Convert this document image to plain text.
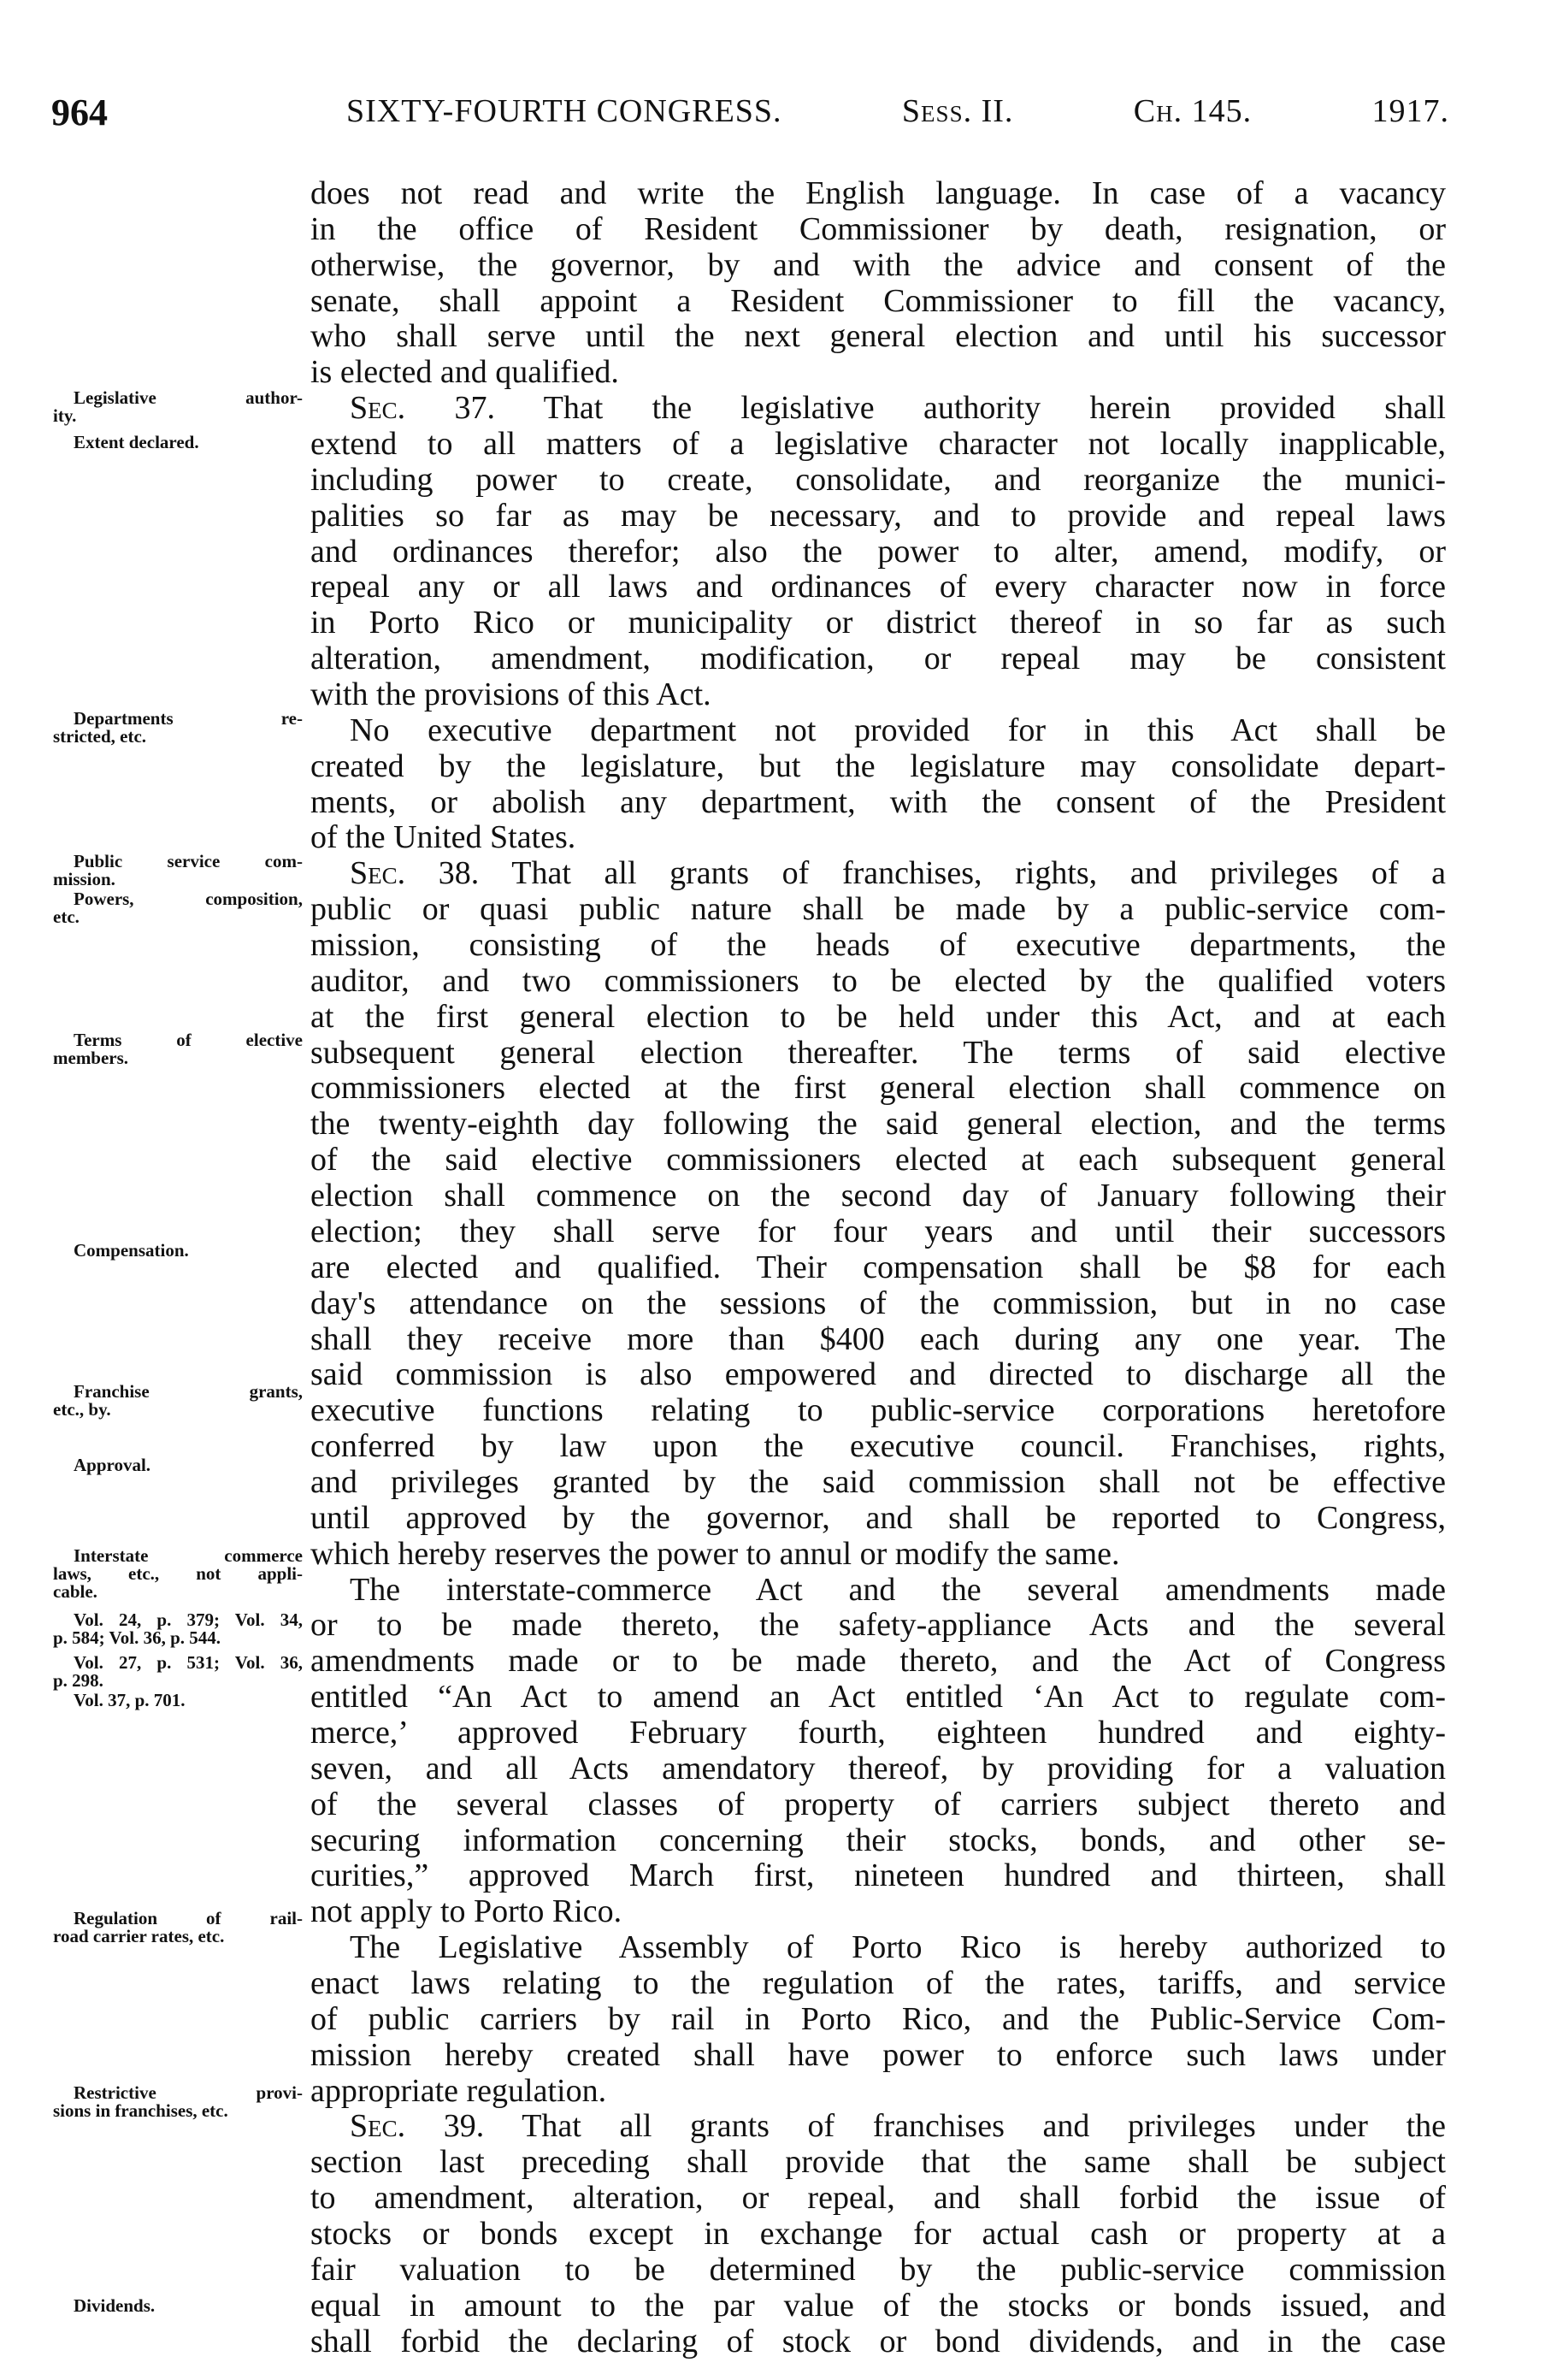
964	SIXTY-FOURTH CONGRESS.	Sess. II.	Ch. 145.	1917.
does not read and write the English language. In case of a vacancy
in the office of Resident Commissioner by death, resignation, or
otherwise, the governor, by and with the advice and consent of the
senate, shall appoint a Resident Commissioner to fill the vacancy,
who shall serve until the next general election and until his successor
is elected and qualified.
Sec. 37. That the legislative authority herein provided shall
extend to all matters of a legislative character not locally inapplicable,
including power to create, consolidate, and reorganize the munici-
palities so far as may be necessary, and to provide and repeal laws
and ordinances therefor; also the power to alter, amend, modify, or
repeal any or all laws and ordinances of every character now in force
in Porto Rico or municipality or district thereof in so far as such
alteration, amendment, modification, or repeal may be consistent
with the provisions of this Act.
No executive department not provided for in this Act shall be
created by the legislature, but the legislature may consolidate depart-
ments, or abolish any department, with the consent of the President
of the United States.
Sec. 38. That all grants of franchises, rights, and privileges of a
public or quasi public nature shall be made by a public-service com-
mission, consisting of the heads of executive departments, the
auditor, and two commissioners to be elected by the qualified voters
at the first general election to be held under this Act, and at each
subsequent general election thereafter. The terms of said elective
commissioners elected at the first general election shall commence on
the twenty-eighth day following the said general election, and the terms
of the said elective commissioners elected at each subsequent general
election shall commence on the second day of January following their
election; they shall serve for four years and until their successors
are elected and qualified. Their compensation shall be $8 for each
day's attendance on the sessions of the commission, but in no case
shall they receive more than $400 each during any one year. The
said commission is also empowered and directed to discharge all the
executive functions relating to public-service corporations heretofore
conferred by law upon the executive council. Franchises, rights,
and privileges granted by the said commission shall not be effective
until approved by the governor, and shall be reported to Congress,
which hereby reserves the power to annul or modify the same.
The interstate-commerce Act and the several amendments made
or to be made thereto, the safety-appliance Acts and the several
amendments made or to be made thereto, and the Act of Congress
entitled “An Act to amend an Act entitled ‘An Act to regulate com-
merce,’ approved February fourth, eighteen hundred and eighty-
seven, and all Acts amendatory thereof, by providing for a valuation
of the several classes of property of carriers subject thereto and
securing information concerning their stocks, bonds, and other se-
curities,” approved March first, nineteen hundred and thirteen, shall
not apply to Porto Rico.
The Legislative Assembly of Porto Rico is hereby authorized to
enact laws relating to the regulation of the rates, tariffs, and service
of public carriers by rail in Porto Rico, and the Public-Service Com-
mission hereby created shall have power to enforce such laws under
appropriate regulation.
Sec. 39. That all grants of franchises and privileges under the
section last preceding shall provide that the same shall be subject
to amendment, alteration, or repeal, and shall forbid the issue of
stocks or bonds except in exchange for actual cash or property at a
fair valuation to be determined by the public-service commission
equal in amount to the par value of the stocks or bonds issued, and
shall forbid the declaring of stock or bond dividends, and in the case
Legislative author-
ity.
Extent declared.
Departments re-
stricted, etc.
Public service com-
mission.
Powers, composition,
etc.
Terms of elective
members.
Compensation.
Franchise grants,
etc., by.
Approval.
Interstate commerce
laws, etc., not appli-
cable.
Vol. 24, p. 379; Vol. 34,
p. 584; Vol. 36, p. 544.
Vol. 27, p. 531; Vol. 36,
p. 298.
Vol. 37, p. 701.
Regulation of rail-
road carrier rates, etc.
Restrictive provi-
sions in franchises, etc.
Dividends.
